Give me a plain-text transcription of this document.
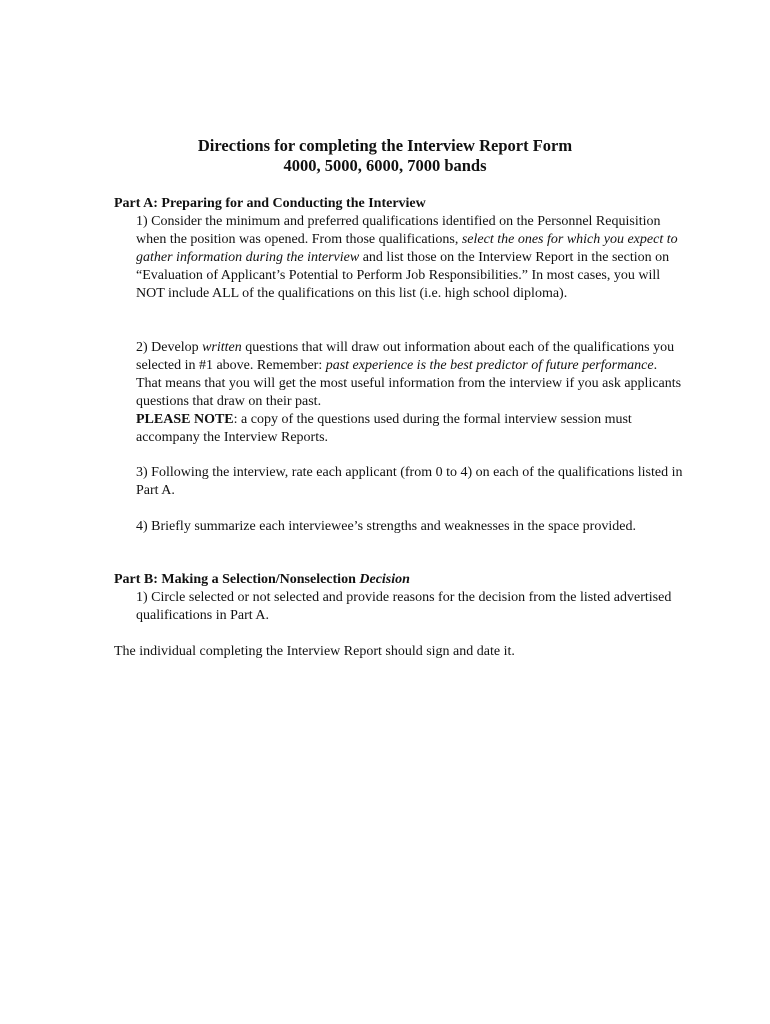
Directions for completing the Interview Report Form
4000, 5000, 6000, 7000 bands
Part A: Preparing for and Conducting the Interview
1) Consider the minimum and preferred qualifications identified on the Personnel Requisition when the position was opened. From those qualifications, select the ones for which you expect to gather information during the interview and list those on the Interview Report in the section on “Evaluation of Applicant’s Potential to Perform Job Responsibilities.” In most cases, you will NOT include ALL of the qualifications on this list (i.e. high school diploma).
2) Develop written questions that will draw out information about each of the qualifications you selected in #1 above. Remember: past experience is the best predictor of future performance. That means that you will get the most useful information from the interview if you ask applicants questions that draw on their past.
PLEASE NOTE: a copy of the questions used during the formal interview session must accompany the Interview Reports.
3) Following the interview, rate each applicant (from 0 to 4) on each of the qualifications listed in Part A.
4) Briefly summarize each interviewee’s strengths and weaknesses in the space provided.
Part B: Making a Selection/Nonselection Decision
1) Circle selected or not selected and provide reasons for the decision from the listed advertised qualifications in Part A.
The individual completing the Interview Report should sign and date it.
